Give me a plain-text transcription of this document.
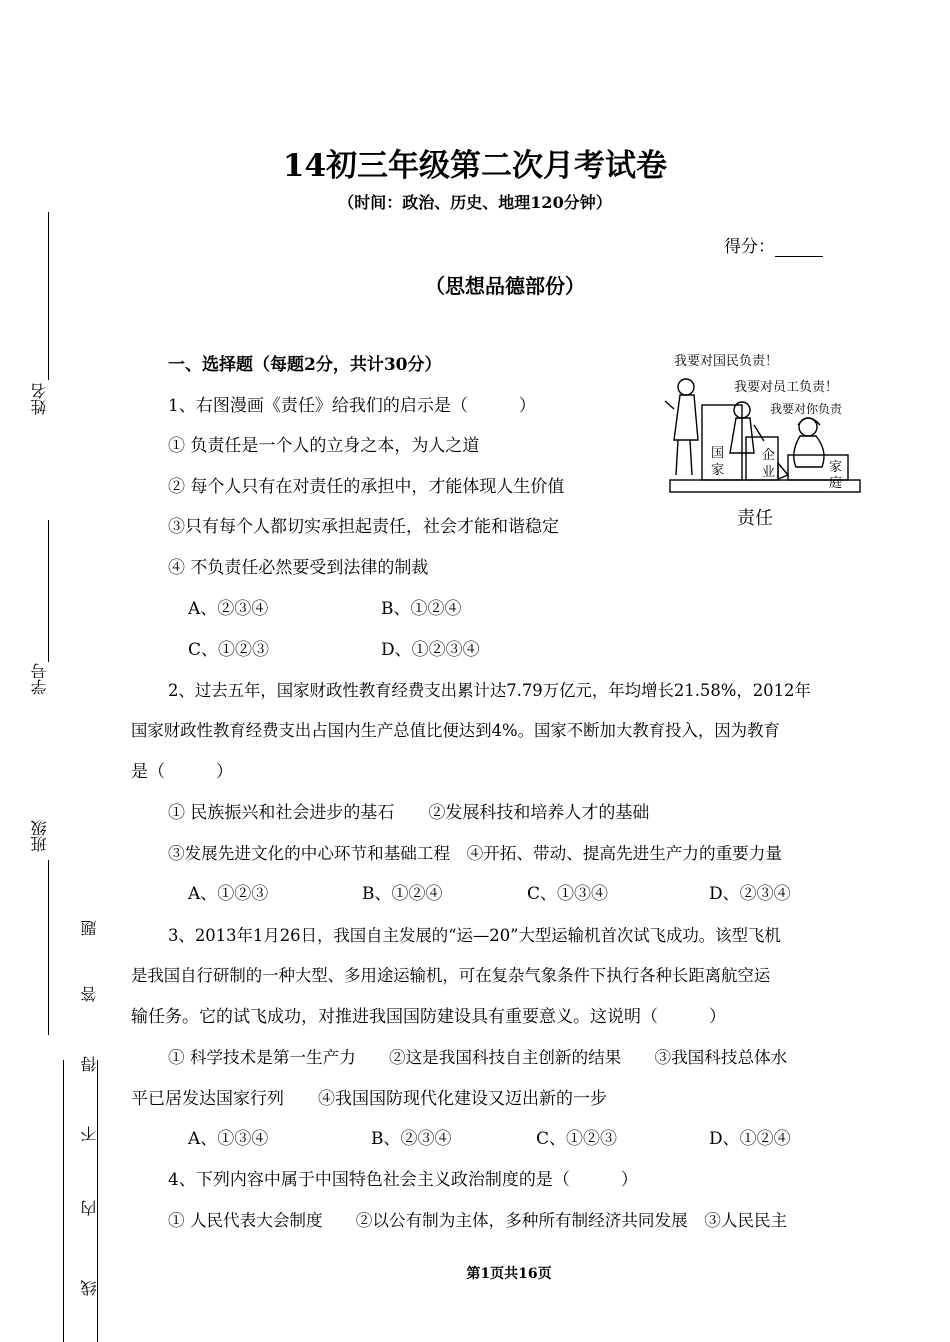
姓名
学号
班级
题
答
得
不
内
线
14初三年级第二次月考试卷
（时间：政治、历史、地理120分钟）
得分：
（思想品德部份）
我要对国民负责！
我要对员工负责！
我要对你负责
国
家
企
业	家
庭
责任
一、选择题（每题2分，共计30分）
1、右图漫画《责任》给我们的启示是（　　　）
① 负责任是一个人的立身之本，为人之道
② 每个人只有在对责任的承担中，才能体现人生价值
③只有每个人都切实承担起责任，社会才能和谐稳定
④ 不负责任必然要受到法律的制裁
A、②③④	B、①②④
C、①②③	D、①②③④
2、过去五年，国家财政性教育经费支出累计达7.79万亿元，年均增长21.58%，2012年
国家财政性教育经费支出占国内生产总值比便达到4%。国家不断加大教育投入，因为教育
是（　　　）
① 民族振兴和社会进步的基石　　②发展科技和培养人才的基础
③发展先进文化的中心环节和基础工程　④开拓、带动、提高先进生产力的重要力量
A、①②③	B、①②④	C、①③④	D、②③④
3、2013年1月26日，我国自主发展的“运—20”大型运输机首次试飞成功。该型飞机
是我国自行研制的一种大型、多用途运输机，可在复杂气象条件下执行各种长距离航空运
输任务。它的试飞成功，对推进我国国防建设具有重要意义。这说明（　　　）
① 科学技术是第一生产力　　②这是我国科技自主创新的结果　　③我国科技总体水
平已居发达国家行列　　④我国国防现代化建设又迈出新的一步
A、①③④	B、②③④	C、①②③	D、①②④
4、下列内容中属于中国特色社会主义政治制度的是（　　　）
① 人民代表大会制度　　②以公有制为主体，多种所有制经济共同发展　③人民民主
第1页共16页
